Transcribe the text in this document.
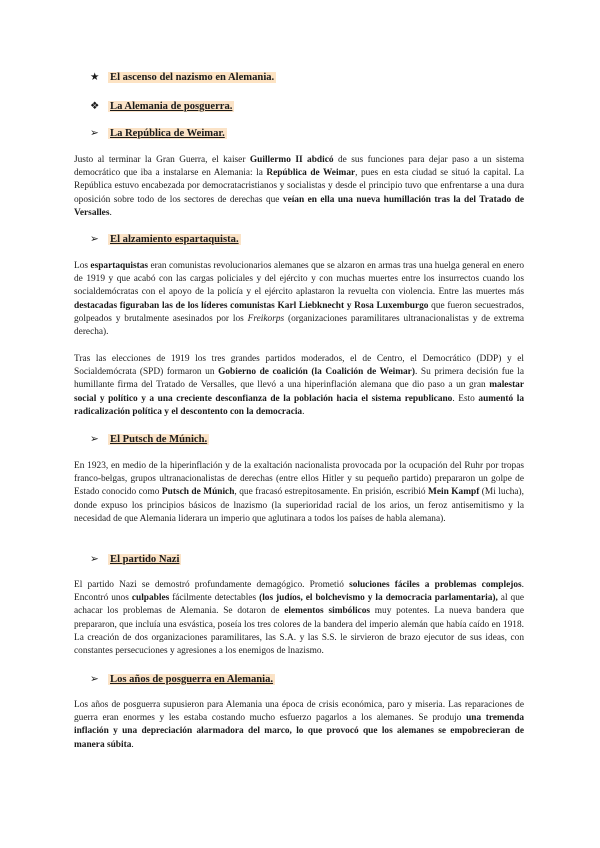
★ El ascenso del nazismo en Alemania.
❖ La Alemania de posguerra.
➢ La República de Weimar.

Justo al terminar la Gran Guerra, el kaiser Guillermo II abdicó de sus funciones para dejar paso a un sistema democrático que iba a instalarse en Alemania: la República de Weimar, pues en esta ciudad se situó la capital. La República estuvo encabezada por democratacristianos y socialistas y desde el principio tuvo que enfrentarse a una dura oposición sobre todo de los sectores de derechas que veían en ella una nueva humillación tras la del Tratado de Versalles.

➢ El alzamiento espartaquista.

Los espartaquistas eran comunistas revolucionarios alemanes que se alzaron en armas tras una huelga general en enero de 1919 y que acabó con las cargas policiales y del ejército y con muchas muertes entre los insurrectos cuando los socialdemócratas con el apoyo de la policía y el ejército aplastaron la revuelta con violencia. Entre las muertes más destacadas figuraban las de los líderes comunistas Karl Liebknecht y Rosa Luxemburgo que fueron secuestrados, golpeados y brutalmente asesinados por los Freikorps (organizaciones paramilitares ultranacionalistas y de extrema derecha).

Tras las elecciones de 1919 los tres grandes partidos moderados, el de Centro, el Democrático (DDP) y el Socialdemócrata (SPD) formaron un Gobierno de coalición (la Coalición de Weimar). Su primera decisión fue la humillante firma del Tratado de Versalles, que llevó a una hiperinflación alemana que dio paso a un gran malestar social y político y a una creciente desconfianza de la población hacia el sistema republicano. Esto aumentó la radicalización política y el descontento con la democracia.

➢ El Putsch de Múnich.

En 1923, en medio de la hiperinflación y de la exaltación nacionalista provocada por la ocupación del Ruhr por tropas franco-belgas, grupos ultranacionalistas de derechas (entre ellos Hitler y su pequeño partido) prepararon un golpe de Estado conocido como Putsch de Múnich, que fracasó estrepitosamente. En prisión, escribió Mein Kampf (Mi lucha), donde expuso los principios básicos de lnazismo (la superioridad racial de los arios, un feroz antisemitismo y la necesidad de que Alemania liderara un imperio que aglutinara a todos los países de habla alemana).

➢ El partido Nazi

El partido Nazi se demostró profundamente demagógico. Prometió soluciones fáciles a problemas complejos. Encontró unos culpables fácilmente detectables (los judíos, el bolchevismo y la democracia parlamentaria), al que achacar los problemas de Alemania. Se dotaron de elementos simbólicos muy potentes. La nueva bandera que prepararon, que incluía una esvástica, poseía los tres colores de la bandera del imperio alemán que había caído en 1918. La creación de dos organizaciones paramilitares, las S.A. y las S.S. le sirvieron de brazo ejecutor de sus ideas, con constantes persecuciones y agresiones a los enemigos de lnazismo.

➢ Los años de posguerra en Alemania.

Los años de posguerra supusieron para Alemania una época de crisis económica, paro y miseria. Las reparaciones de guerra eran enormes y les estaba costando mucho esfuerzo pagarlos a los alemanes. Se produjo una tremenda inflación y una depreciación alarmadora del marco, lo que provocó que los alemanes se empobrecieran de manera súbita.
